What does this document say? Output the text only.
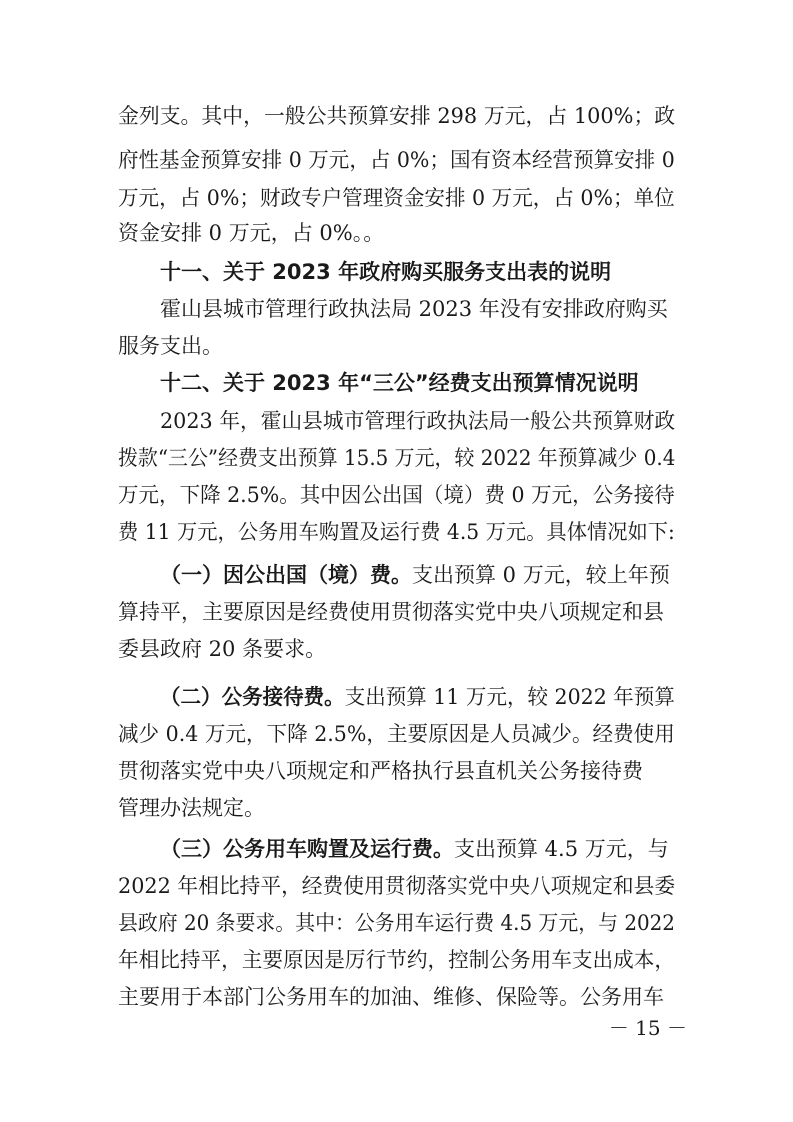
金列支。其中，一般公共预算安排 298 万元，占 100%；政
府性基金预算安排 0 万元，占 0%；国有资本经营预算安排 0
万元，占 0%；财政专户管理资金安排 0 万元，占 0%；单位
资金安排 0 万元，占 0%。。
十一、关于 2023 年政府购买服务支出表的说明
霍山县城市管理行政执法局 2023 年没有安排政府购买
服务支出。
十二、关于 2023 年“三公”经费支出预算情况说明
2023 年，霍山县城市管理行政执法局一般公共预算财政
拨款“三公”经费支出预算 15.5 万元，较 2022 年预算减少 0.4
万元，下降 2.5%。其中因公出国（境）费 0 万元，公务接待
费 11 万元，公务用车购置及运行费 4.5 万元。具体情况如下:
（一）因公出国（境）费。支出预算 0 万元，较上年预
算持平，主要原因是经费使用贯彻落实党中央八项规定和县
委县政府 20 条要求。
（二）公务接待费。支出预算 11 万元，较 2022 年预算
减少 0.4 万元，下降 2.5%，主要原因是人员减少。经费使用
贯彻落实党中央八项规定和严格执行县直机关公务接待费
管理办法规定。
（三）公务用车购置及运行费。支出预算 4.5 万元，与
2022 年相比持平，经费使用贯彻落实党中央八项规定和县委
县政府 20 条要求。其中：公务用车运行费 4.5 万元，与 2022
年相比持平，主要原因是厉行节约，控制公务用车支出成本，
主要用于本部门公务用车的加油、维修、保险等。公务用车
－ 15 －
